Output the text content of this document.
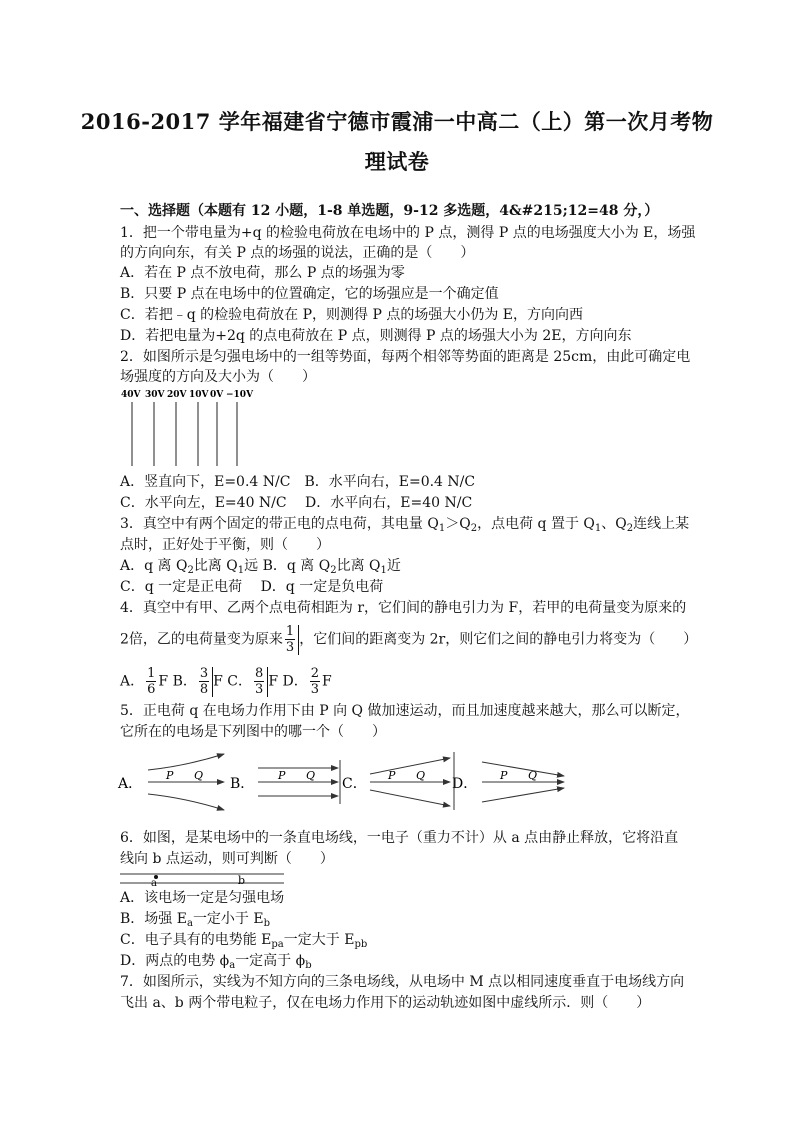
2016-2017 学年福建省宁德市霞浦一中高二（上）第一次月考物
理试卷
一、选择题（本题有 12 小题，1-8 单选题，9-12 多选题，4&#215;12=48 分，）
1．把一个带电量为+q 的检验电荷放在电场中的 P 点，测得 P 点的电场强度大小为 E，场强
的方向向东，有关 P 点的场强的说法，正确的是（　　）
A．若在 P 点不放电荷，那么 P 点的场强为零
B．只要 P 点在电场中的位置确定，它的场强应是一个确定值
C．若把﹣q 的检验电荷放在 P，则测得 P 点的场强大小仍为 E，方向向西
D．若把电量为+2q 的点电荷放在 P 点，则测得 P 点的场强大小为 2E，方向向东
2．如图所示是匀强电场中的一组等势面，每两个相邻等势面的距离是 25cm，由此可确定电
场强度的方向及大小为（　　）
40V 30V 20V 10V 0V −10V
A．竖直向下，E=0.4 N/C　B．水平向右，E=0.4 N/C
C．水平向左，E=40 N/C　 D．水平向右，E=40 N/C
3．真空中有两个固定的带正电的点电荷，其电量 $Q_1>Q_2$，点电荷 q 置于 $Q_1$、$Q_2$连线上某
点时，正好处于平衡，则（　　）
A．q 离 $Q_2$比离 $Q_1$远 B．q 离 $Q_2$比离 $Q_1$近
C．q 一定是正电荷　 D．q 一定是负电荷
4．真空中有甲、乙两个点电荷相距为 r，它们间的静电引力为 F，若甲的电荷量变为原来的
2倍，乙的电荷量变为原来 $\frac{1}{3}$ ，它们间的距离变为 2r，则它们之间的静电引力将变为（　　）
A． $\frac{1}{6}$ F B． $\frac{3}{8}$ F C． $\frac{8}{3}$ F D． $\frac{2}{3}$ F
5．正电荷 q 在电场力作用下由 P 向 Q 做加速运动，而且加速度越来越大，那么可以断定，
它所在的电场是下列图中的哪一个（　　）
A．	B．	C．	D．
P Q	P Q	P Q	P Q
6．如图，是某电场中的一条直电场线，一电子（重力不计）从 a 点由静止释放，它将沿直
线向 b 点运动，则可判断（　　）
a	b
A．该电场一定是匀强电场
B．场强 $E_a$一定小于 $E_b$
C．电子具有的电势能 $E_{pa}$一定大于 $E_{pb}$
D．两点的电势 $\phi_a$一定高于 $\phi_b$
7．如图所示，实线为不知方向的三条电场线，从电场中 M 点以相同速度垂直于电场线方向
飞出 a、b 两个带电粒子，仅在电场力作用下的运动轨迹如图中虚线所示．则（　　）
